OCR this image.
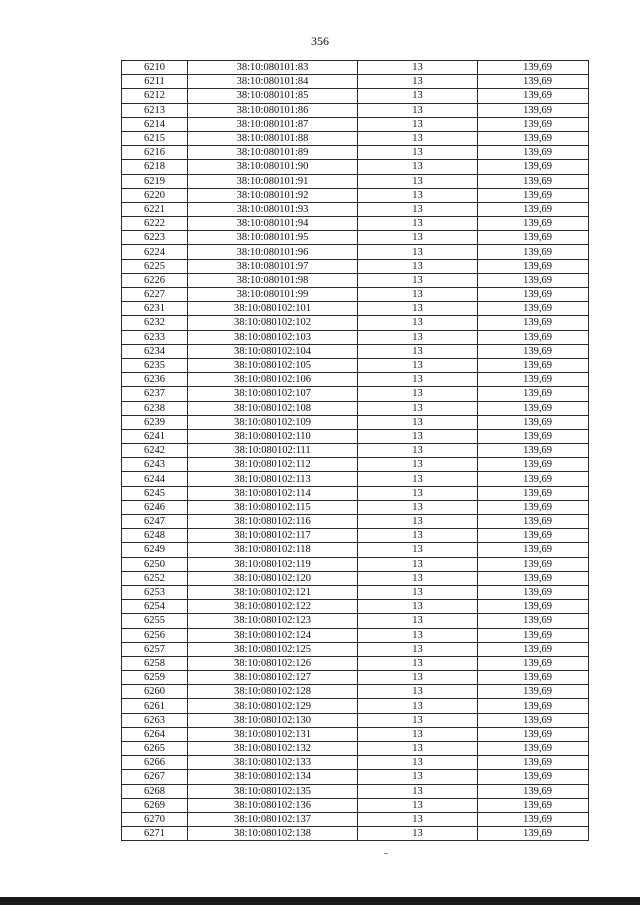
356
6210	38:10:080101:83	13	139,69
6211	38:10:080101:84	13	139,69
6212	38:10:080101:85	13	139,69
6213	38:10:080101:86	13	139,69
6214	38:10:080101:87	13	139,69
6215	38:10:080101:88	13	139,69
6216	38:10:080101:89	13	139,69
6218	38:10:080101:90	13	139,69
6219	38:10:080101:91	13	139,69
6220	38:10:080101:92	13	139,69
6221	38:10:080101:93	13	139,69
6222	38:10:080101:94	13	139,69
6223	38:10:080101:95	13	139,69
6224	38:10:080101:96	13	139,69
6225	38:10:080101:97	13	139,69
6226	38:10:080101:98	13	139,69
6227	38:10:080101:99	13	139,69
6231	38:10:080102:101	13	139,69
6232	38:10:080102:102	13	139,69
6233	38:10:080102:103	13	139,69
6234	38:10:080102:104	13	139,69
6235	38:10:080102:105	13	139,69
6236	38:10:080102:106	13	139,69
6237	38:10:080102:107	13	139,69
6238	38:10:080102:108	13	139,69
6239	38:10:080102:109	13	139,69
6241	38:10:080102:110	13	139,69
6242	38:10:080102:111	13	139,69
6243	38:10:080102:112	13	139,69
6244	38:10:080102:113	13	139,69
6245	38:10:080102:114	13	139,69
6246	38:10:080102:115	13	139,69
6247	38:10:080102:116	13	139,69
6248	38:10:080102:117	13	139,69
6249	38:10:080102:118	13	139,69
6250	38:10:080102:119	13	139,69
6252	38:10:080102:120	13	139,69
6253	38:10:080102:121	13	139,69
6254	38:10:080102:122	13	139,69
6255	38:10:080102:123	13	139,69
6256	38:10:080102:124	13	139,69
6257	38:10:080102:125	13	139,69
6258	38:10:080102:126	13	139,69
6259	38:10:080102:127	13	139,69
6260	38:10:080102:128	13	139,69
6261	38:10:080102:129	13	139,69
6263	38:10:080102:130	13	139,69
6264	38:10:080102:131	13	139,69
6265	38:10:080102:132	13	139,69
6266	38:10:080102:133	13	139,69
6267	38:10:080102:134	13	139,69
6268	38:10:080102:135	13	139,69
6269	38:10:080102:136	13	139,69
6270	38:10:080102:137	13	139,69
6271	38:10:080102:138	13	139,69
